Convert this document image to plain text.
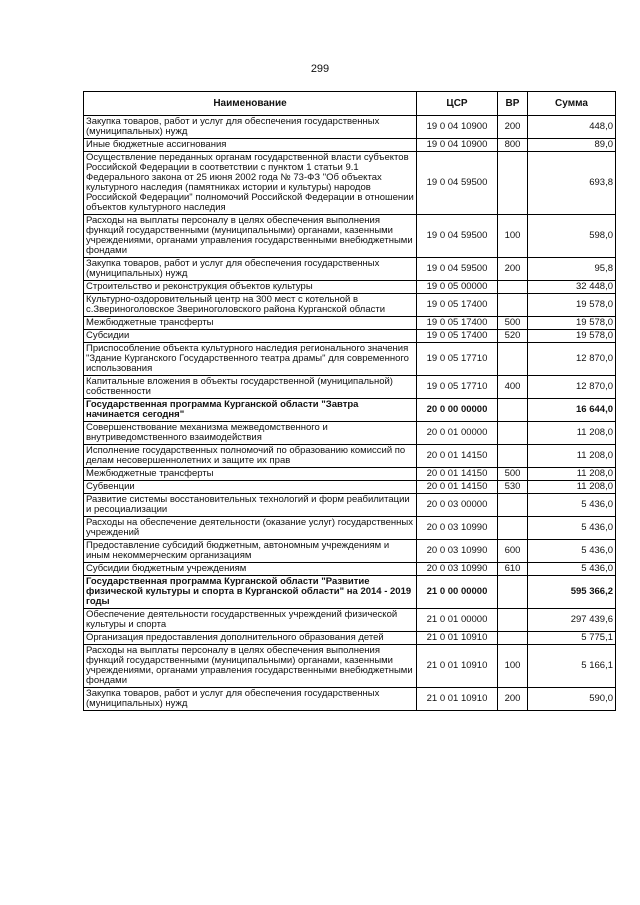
299
Наименование	ЦСР	ВР	Сумма
Закупка товаров, работ и услуг для обеспечения государственных (муниципальных) нужд	19 0 04 10900	200	448,0
Иные бюджетные ассигнования	19 0 04 10900	800	89,0
Осуществление переданных органам государственной власти субъектов Российской Федерации в соответствии с пунктом 1 статьи 9.1 Федерального закона от 25 июня 2002 года № 73-ФЗ "Об объектах культурного наследия (памятниках истории и культуры) народов Российской Федерации" полномочий Российской Федерации в отношении объектов культурного наследия	19 0 04 59500		693,8
Расходы на выплаты персоналу в целях обеспечения выполнения функций государственными (муниципальными) органами, казенными учреждениями, органами управления государственными внебюджетными фондами	19 0 04 59500	100	598,0
Закупка товаров, работ и услуг для обеспечения государственных (муниципальных) нужд	19 0 04 59500	200	95,8
Строительство и реконструкция объектов культуры	19 0 05 00000		32 448,0
Культурно-оздоровительный центр на 300 мест с котельной в с.Звериноголовское Звериноголовского района Курганской области	19 0 05 17400		19 578,0
Межбюджетные трансферты	19 0 05 17400	500	19 578,0
Субсидии	19 0 05 17400	520	19 578,0
Приспособление объекта культурного наследия регионального значения "Здание Курганского Государственного театра драмы" для современного использования	19 0 05 17710		12 870,0
Капитальные вложения в объекты государственной (муниципальной) собственности	19 0 05 17710	400	12 870,0
Государственная программа Курганской области "Завтра начинается сегодня"	20 0 00 00000		16 644,0
Совершенствование механизма межведомственного и внутриведомственного взаимодействия	20 0 01 00000		11 208,0
Исполнение государственных полномочий по образованию комиссий по делам несовершеннолетних и защите их прав	20 0 01 14150		11 208,0
Межбюджетные трансферты	20 0 01 14150	500	11 208,0
Субвенции	20 0 01 14150	530	11 208,0
Развитие системы восстановительных технологий и форм реабилитации и ресоциализации	20 0 03 00000		5 436,0
Расходы на обеспечение деятельности (оказание услуг) государственных учреждений	20 0 03 10990		5 436,0
Предоставление субсидий бюджетным, автономным учреждениям и иным некоммерческим организациям	20 0 03 10990	600	5 436,0
Субсидии бюджетным учреждениям	20 0 03 10990	610	5 436,0
Государственная программа Курганской области "Развитие физической культуры и спорта в Курганской области" на 2014 - 2019 годы	21 0 00 00000		595 366,2
Обеспечение деятельности государственных учреждений физической культуры и спорта	21 0 01 00000		297 439,6
Организация предоставления дополнительного образования детей	21 0 01 10910		5 775,1
Расходы на выплаты персоналу в целях обеспечения выполнения функций государственными (муниципальными) органами, казенными учреждениями, органами управления государственными внебюджетными фондами	21 0 01 10910	100	5 166,1
Закупка товаров, работ и услуг для обеспечения государственных (муниципальных) нужд	21 0 01 10910	200	590,0
